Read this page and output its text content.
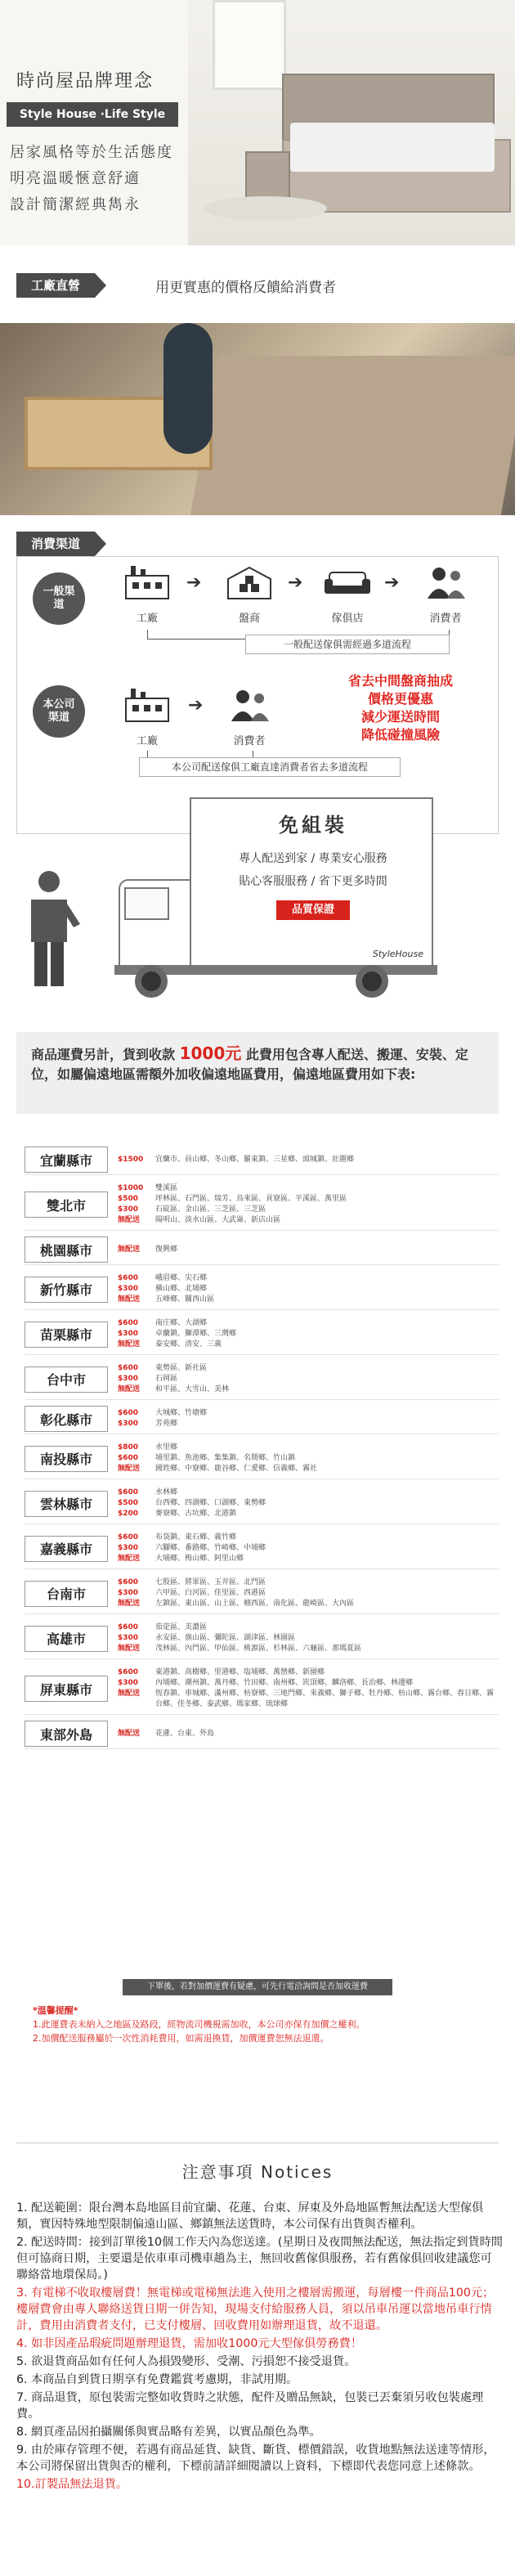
時尚屋品牌理念
Style House ‧Life Style
居家風格等於生活態度
明亮溫暖愜意舒適
設計簡潔經典雋永
工廠直營	用更實惠的價格反饋給消費者
消費渠道
一般渠道
工廠
➔
盤商
➔
傢俱店
➔
消費者
一般配送傢俱需經過多道流程
本公司渠道
工廠
➔
消費者
省去中間盤商抽成
價格更優惠
減少運送時間
降低碰撞風險
本公司配送傢俱工廠直達消費者省去多道流程
免組裝
專人配送到家 / 專業安心服務
貼心客服服務 / 省下更多時間
品質保證
StyleHouse
商品運費另計，貨到收款 1000元 此費用包含專人配送、搬運、安裝、定位，如屬偏遠地區需額外加收偏遠地區費用，偏遠地區費用如下表:
宜蘭縣市	$1500	宜蘭市、員山鄉、冬山鄉、羅東鎮、三星鄉、頭城鎮、壯圍鄉
雙北市
$1000	雙溪區
$500	坪林區、石門區、瑞芳、烏來區、貢寮區、平溪區、萬里區
$300	石碇區、金山區、三芝區、三芝區
無配送	陽明山、淡水山區、大武崙、新店山區
桃園縣市	無配送	復興鄉
新竹縣市
$600	峨眉鄉、尖石鄉
$300	橫山鄉、北埔鄉
無配送	五峰鄉、關西山區
苗栗縣市
$600	南庄鄉、大湖鄉
$300	卓蘭鎮、獅潭鄉、三灣鄉
無配送	泰安鄉、清安、三義
台中市
$600	東勢區、新社區
$300	石岡區
無配送	和平區、大雪山、美林
彰化縣市	$600	大城鄉、竹塘鄉
$300	芳苑鄉
南投縣市
$800	水里鄉
$600	埔里鎮、魚池鄉、集集鎮、名間鄉、竹山鎮
無配送	國姓鄉、中寮鄉、鹿谷鄉、仁愛鄉、信義鄉、霧社
雲林縣市
$600	水林鄉
$500	台西鄉、四湖鄉、口湖鄉、東勢鄉
$200	麥寮鄉、古坑鄉、北港鎮
嘉義縣市
$600	布袋鎮、東石鄉、義竹鄉
$300	六腳鄉、番路鄉、竹崎鄉、中埔鄉
無配送	大埔鄉、梅山鄉、阿里山鄉
台南市
$600	七股區、將軍區、玉井區、北門區
$300	六甲區、白河區、佳里區、西港區
無配送	左鎮區、東山區、山上區、楠西區、南化區、龍崎區、大內區
高雄市
$600	茄萣區、美濃區
$300	永安區、旗山區、彌陀區、湖津區、林園區
無配送	茂林區、內門區、甲仙區、桃源區、杉林區、六龜區、那瑪夏區
屏東縣市
$600	東港鎮、高樹鄉、里港鄉、塩埔鄉、萬巒鄉、新園鄉
$300	內埔鄉、潮州鎮、萬丹鄉、竹田鄉、南州鄉、崁頂鄉、麟洛鄉、長治鄉、林邊鄉
無配送	恆春鎮、車城鄉、滿州鄉、枋寮鄉、三地門鄉、來義鄉、獅子鄉、牡丹鄉、枋山鄉、霧台鄉、春日鄉、霧台鄉、佳冬鄉、泰武鄉、瑪家鄉、琉球鄉
東部外島	無配送	花蓮、台東、外島
下單後，若對加價運費有疑慮，可先行電洽詢問是否加收運費
*溫馨提醒*
1.此運費表未納入之地區及路段，經物流司機視需加收，本公司亦保有加價之權利。
2.加價配送服務屬於一次性消耗費用，如需退換貨，加價運費恕無法退還。
注意事項 Notices

1. 配送範圍：限台灣本島地區目前宜蘭、花蓮、台東、屏東及外島地區暫無法配送大型傢俱類，實因特殊地型限制偏遠山區、鄉鎮無法送貨時，本公司保有出貨與否權利。

2. 配送時間：接到訂單後10個工作天內為您送達。(星期日及夜間無法配送，無法指定到貨時間但可協商日期，主要還是依車車司機車趟為主，無回收舊傢俱服務，若有舊傢俱回收建議您可聯絡當地環保局。)

3. 有電梯不收取樓層費！無電梯或電梯無法進入使用之樓層需搬運，每層樓一件商品100元；樓層費會由專人聯絡送貨日期一併告知，現場支付給服務人員，須以吊車吊運以當地吊車行情計，費用由消費者支付，已支付樓層、回收費用如辦理退貨，故不退還。

4. 如非因產品瑕疵問題辦理退貨，需加收1000元大型傢俱勞務費！

5. 欲退貨商品如有任何人為損毀變形、受潮、污損恕不接受退貨。

6. 本商品自到貨日期享有免費鑑賞考慮期，非試用期。

7. 商品退貨，原包裝需完整如收貨時之狀態，配件及贈品無缺，包裝已丟棄須另收包裝處理費。

8. 網頁產品因拍攝關係與實品略有差異，以實品顏色為準。

9. 由於庫存管理不便，若遇有商品延貨、缺貨、斷貨、標價錯誤，收貨地點無法送達等情形，本公司將保留出貨與否的權利，下標前請詳細閱讀以上資料，下標即代表您同意上述條款。

10.訂製品無法退貨。
